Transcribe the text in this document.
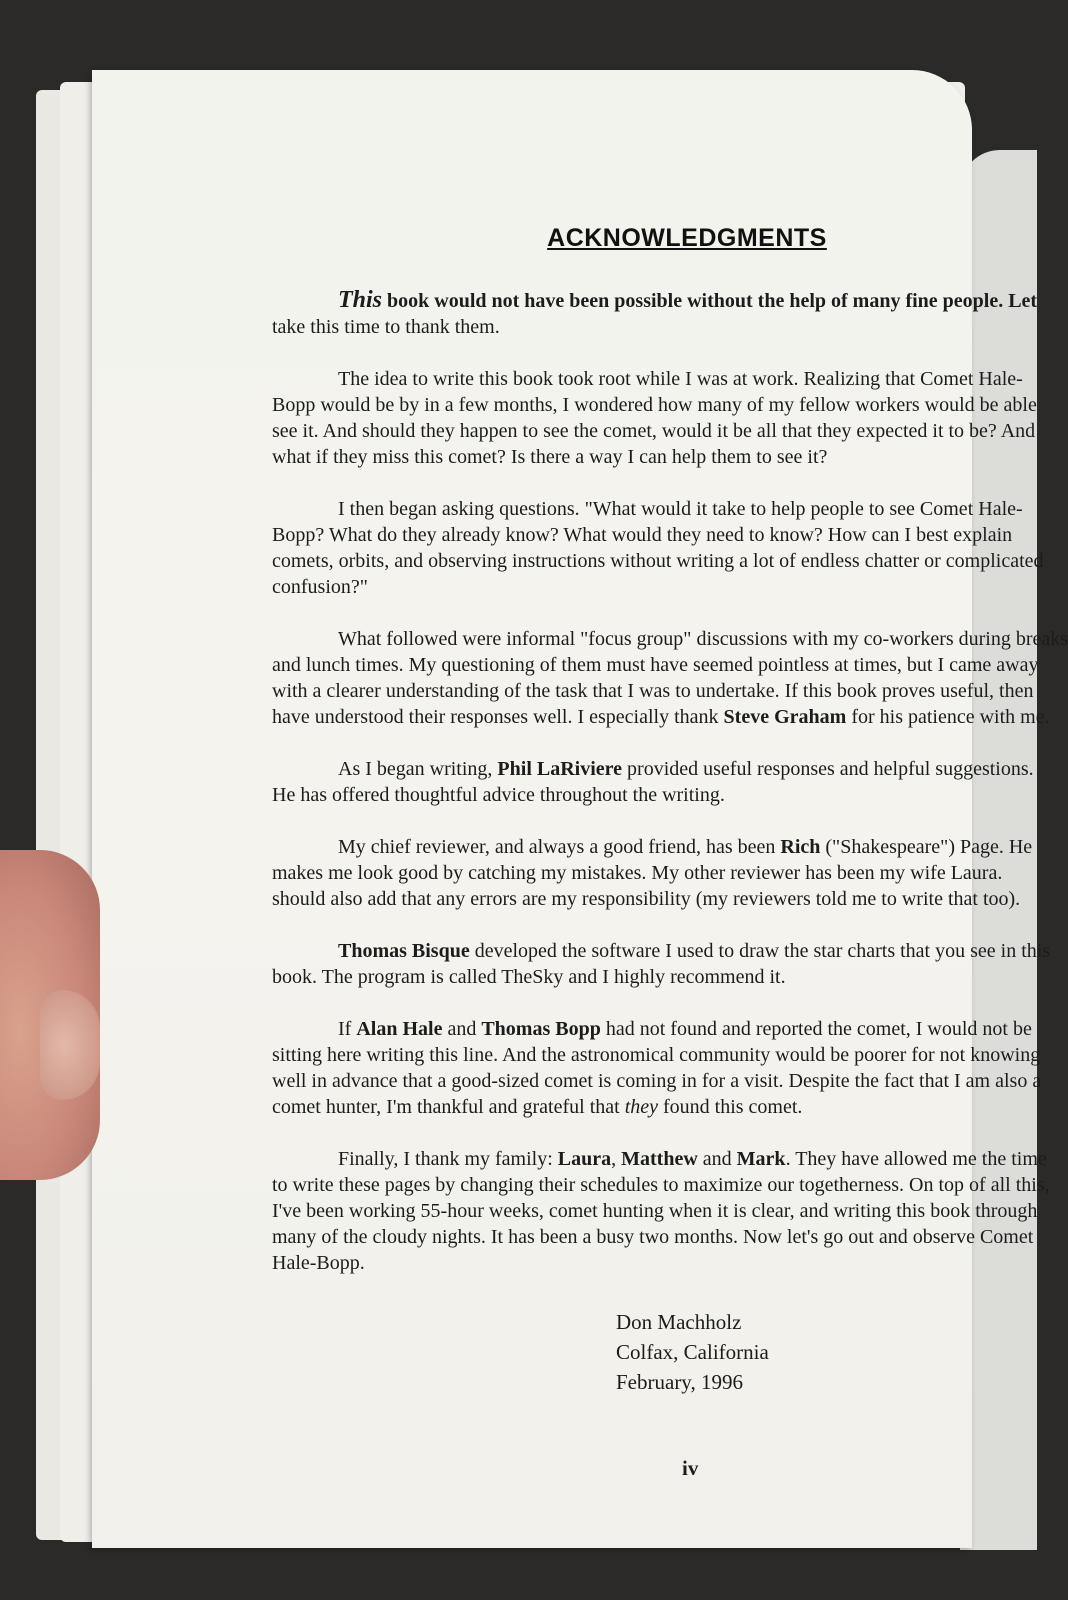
ACKNOWLEDGMENTS

This book would not have been possible without the help of many fine people. Let
take this time to thank them.

The idea to write this book took root while I was at work. Realizing that Comet Hale-
Bopp would be by in a few months, I wondered how many of my fellow workers would be able
see it. And should they happen to see the comet, would it be all that they expected it to be? And
what if they miss this comet? Is there a way I can help them to see it?

I then began asking questions. "What would it take to help people to see Comet Hale-
Bopp? What do they already know? What would they need to know? How can I best explain
comets, orbits, and observing instructions without writing a lot of endless chatter or complicated
confusion?"

What followed were informal "focus group" discussions with my co-workers during breaks
and lunch times. My questioning of them must have seemed pointless at times, but I came away
with a clearer understanding of the task that I was to undertake. If this book proves useful, then
have understood their responses well. I especially thank Steve Graham for his patience with me.

As I began writing, Phil LaRiviere provided useful responses and helpful suggestions.
He has offered thoughtful advice throughout the writing.

My chief reviewer, and always a good friend, has been Rich ("Shakespeare") Page. He
makes me look good by catching my mistakes. My other reviewer has been my wife Laura.
should also add that any errors are my responsibility (my reviewers told me to write that too).

Thomas Bisque developed the software I used to draw the star charts that you see in this
book. The program is called TheSky and I highly recommend it.

If Alan Hale and Thomas Bopp had not found and reported the comet, I would not be
sitting here writing this line. And the astronomical community would be poorer for not knowing
well in advance that a good-sized comet is coming in for a visit. Despite the fact that I am also a
comet hunter, I'm thankful and grateful that they found this comet.

Finally, I thank my family: Laura, Matthew and Mark. They have allowed me the time
to write these pages by changing their schedules to maximize our togetherness. On top of all this,
I've been working 55-hour weeks, comet hunting when it is clear, and writing this book through
many of the cloudy nights. It has been a busy two months. Now let's go out and observe Comet
Hale-Bopp.

Don Machholz
Colfax, California
February, 1996
iv
